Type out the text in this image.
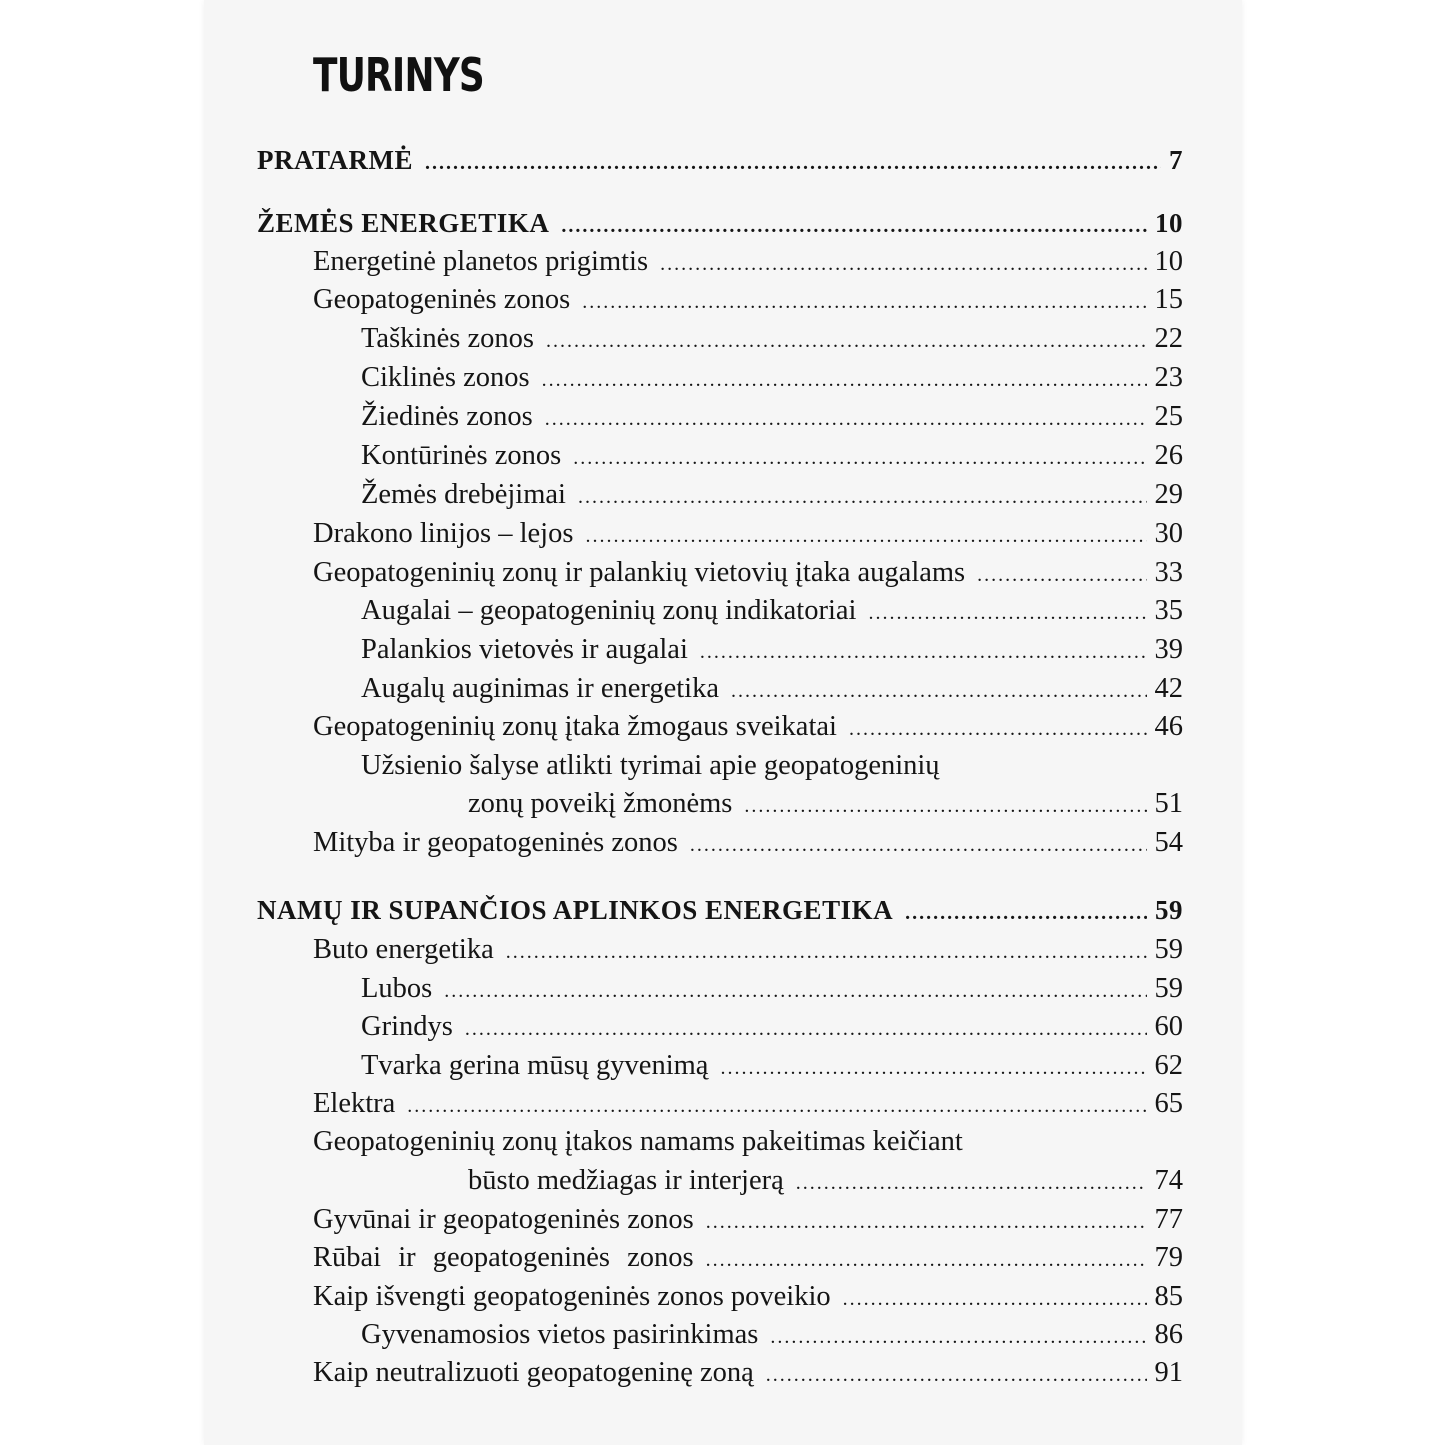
TURINYS
PRATARMĖ .....	7
ŽEMĖS ENERGETIKA .....	10
Energetinė planetos prigimtis .....	10
Geopatogeninės zonos .....	15
Taškinės zonos .....	22
Ciklinės zonos .....	23
Žiedinės zonos .....	25
Kontūrinės zonos .....	26
Žemės drebėjimai .....	29
Drakono linijos – lejos .....	30
Geopatogeninių zonų ir palankių vietovių įtaka augalams .....	33
Augalai – geopatogeninių zonų indikatoriai .....	35
Palankios vietovės ir augalai .....	39
Augalų auginimas ir energetika .....	42
Geopatogeninių zonų įtaka žmogaus sveikatai .....	46
Užsienio šalyse atlikti tyrimai apie geopatogeninių
zonų poveikį žmonėms .....	51
Mityba ir geopatogeninės zonos .....	54
NAMŲ IR SUPANČIOS APLINKOS ENERGETIKA .....	59
Buto energetika .....	59
Lubos .....	59
Grindys .....	60
Tvarka gerina mūsų gyvenimą .....	62
Elektra .....	65
Geopatogeninių zonų įtakos namams pakeitimas keičiant
būsto medžiagas ir interjerą .....	74
Gyvūnai ir geopatogeninės zonos .....	77
Rūbai ir geopatogeninės zonos .....	79
Kaip išvengti geopatogeninės zonos poveikio .....	85
Gyvenamosios vietos pasirinkimas .....	86
Kaip neutralizuoti geopatogeninę zoną .....	91
